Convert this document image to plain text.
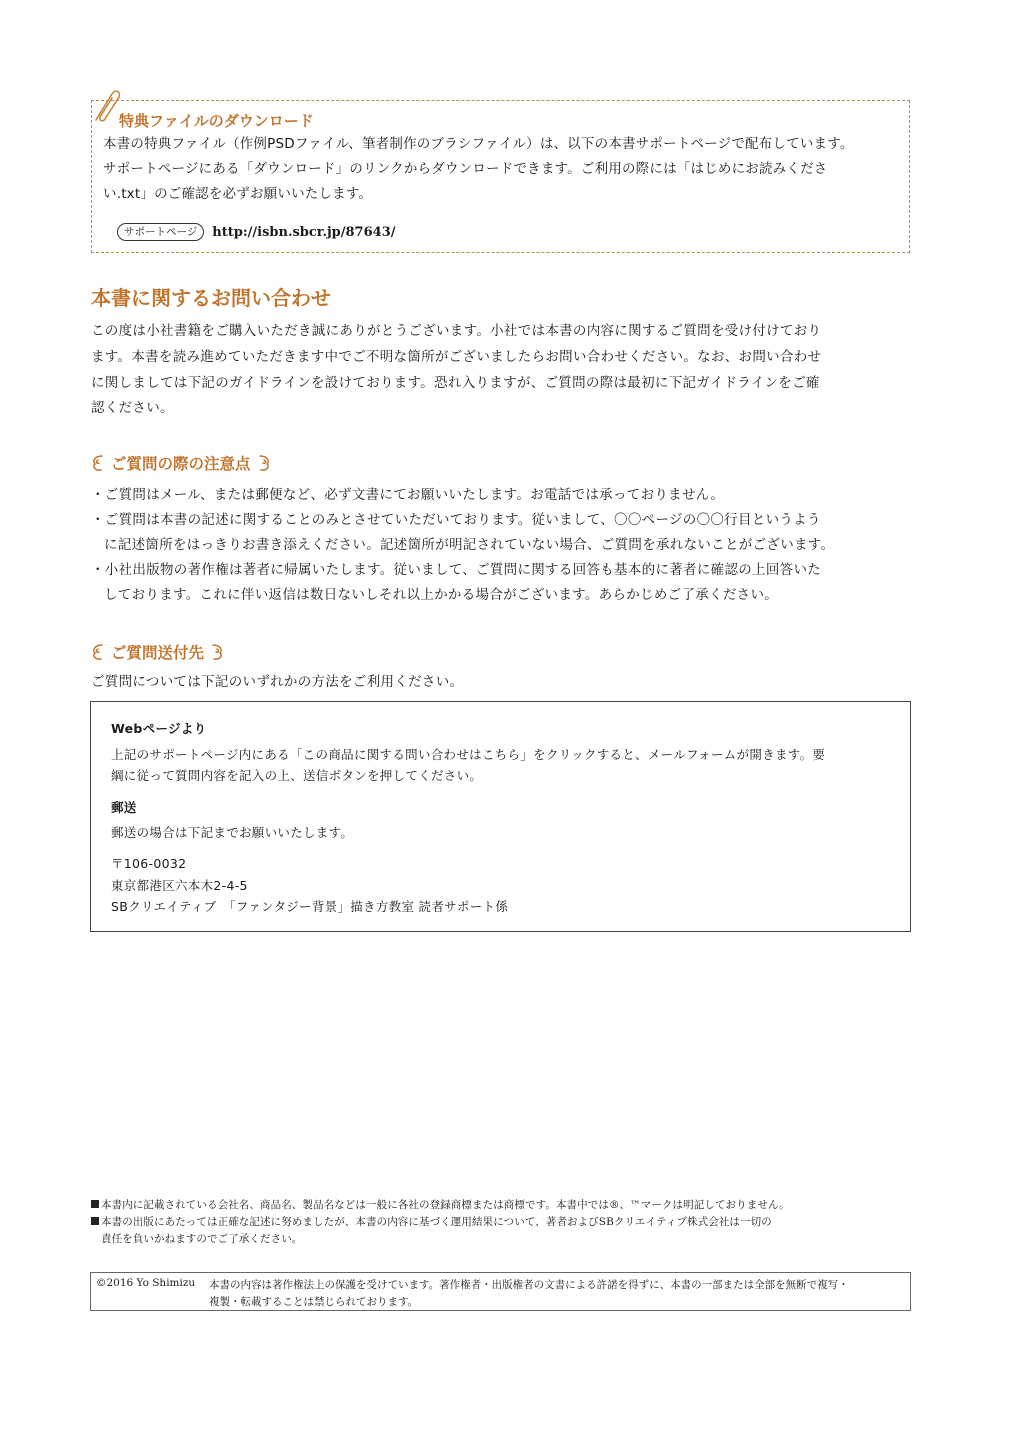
特典ファイルのダウンロード
本書の特典ファイル（作例PSDファイル、筆者制作のブラシファイル）は、以下の本書サポートページで配布しています。
サポートページにある「ダウンロード」のリンクからダウンロードできます。ご利用の際には「はじめにお読みくださ
い.txt」のご確認を必ずお願いいたします。
サポートページ	http://isbn.sbcr.jp/87643/
本書に関するお問い合わせ
この度は小社書籍をご購入いただき誠にありがとうございます。小社では本書の内容に関するご質問を受け付けており
ます。本書を読み進めていただきます中でご不明な箇所がございましたらお問い合わせください。なお、お問い合わせ
に関しましては下記のガイドラインを設けております。恐れ入りますが、ご質問の際は最初に下記ガイドラインをご確
認ください。
ご質問の際の注意点
・ご質問はメール、または郵便など、必ず文書にてお願いいたします。お電話では承っておりません。
・ご質問は本書の記述に関することのみとさせていただいております。従いまして、〇〇ページの〇〇行目というよう
に記述箇所をはっきりお書き添えください。記述箇所が明記されていない場合、ご質問を承れないことがございます。
・小社出版物の著作権は著者に帰属いたします。従いまして、ご質問に関する回答も基本的に著者に確認の上回答いた
しております。これに伴い返信は数日ないしそれ以上かかる場合がございます。あらかじめご了承ください。
ご質問送付先
ご質問については下記のいずれかの方法をご利用ください。
Webページより
上記のサポートページ内にある「この商品に関する問い合わせはこちら」をクリックすると、メールフォームが開きます。要
綱に従って質問内容を記入の上、送信ボタンを押してください。
郵送
郵送の場合は下記までお願いいたします。
〒106-0032
東京都港区六本木2-4-5
SBクリエイティブ　「ファンタジー背景」描き方教室 読者サポート係
本書内に記載されている会社名、商品名、製品名などは一般に各社の登録商標または商標です。本書中では®、™マークは明記しておりません。
本書の出版にあたっては正確な記述に努めましたが、本書の内容に基づく運用結果について、著者およびSBクリエイティブ株式会社は一切の
責任を負いかねますのでご了承ください。
©2016 Yo Shimizu 本書の内容は著作権法上の保護を受けています。著作権者・出版権者の文書による許諾を得ずに、本書の一部または全部を無断で複写・
複製・転載することは禁じられております。
